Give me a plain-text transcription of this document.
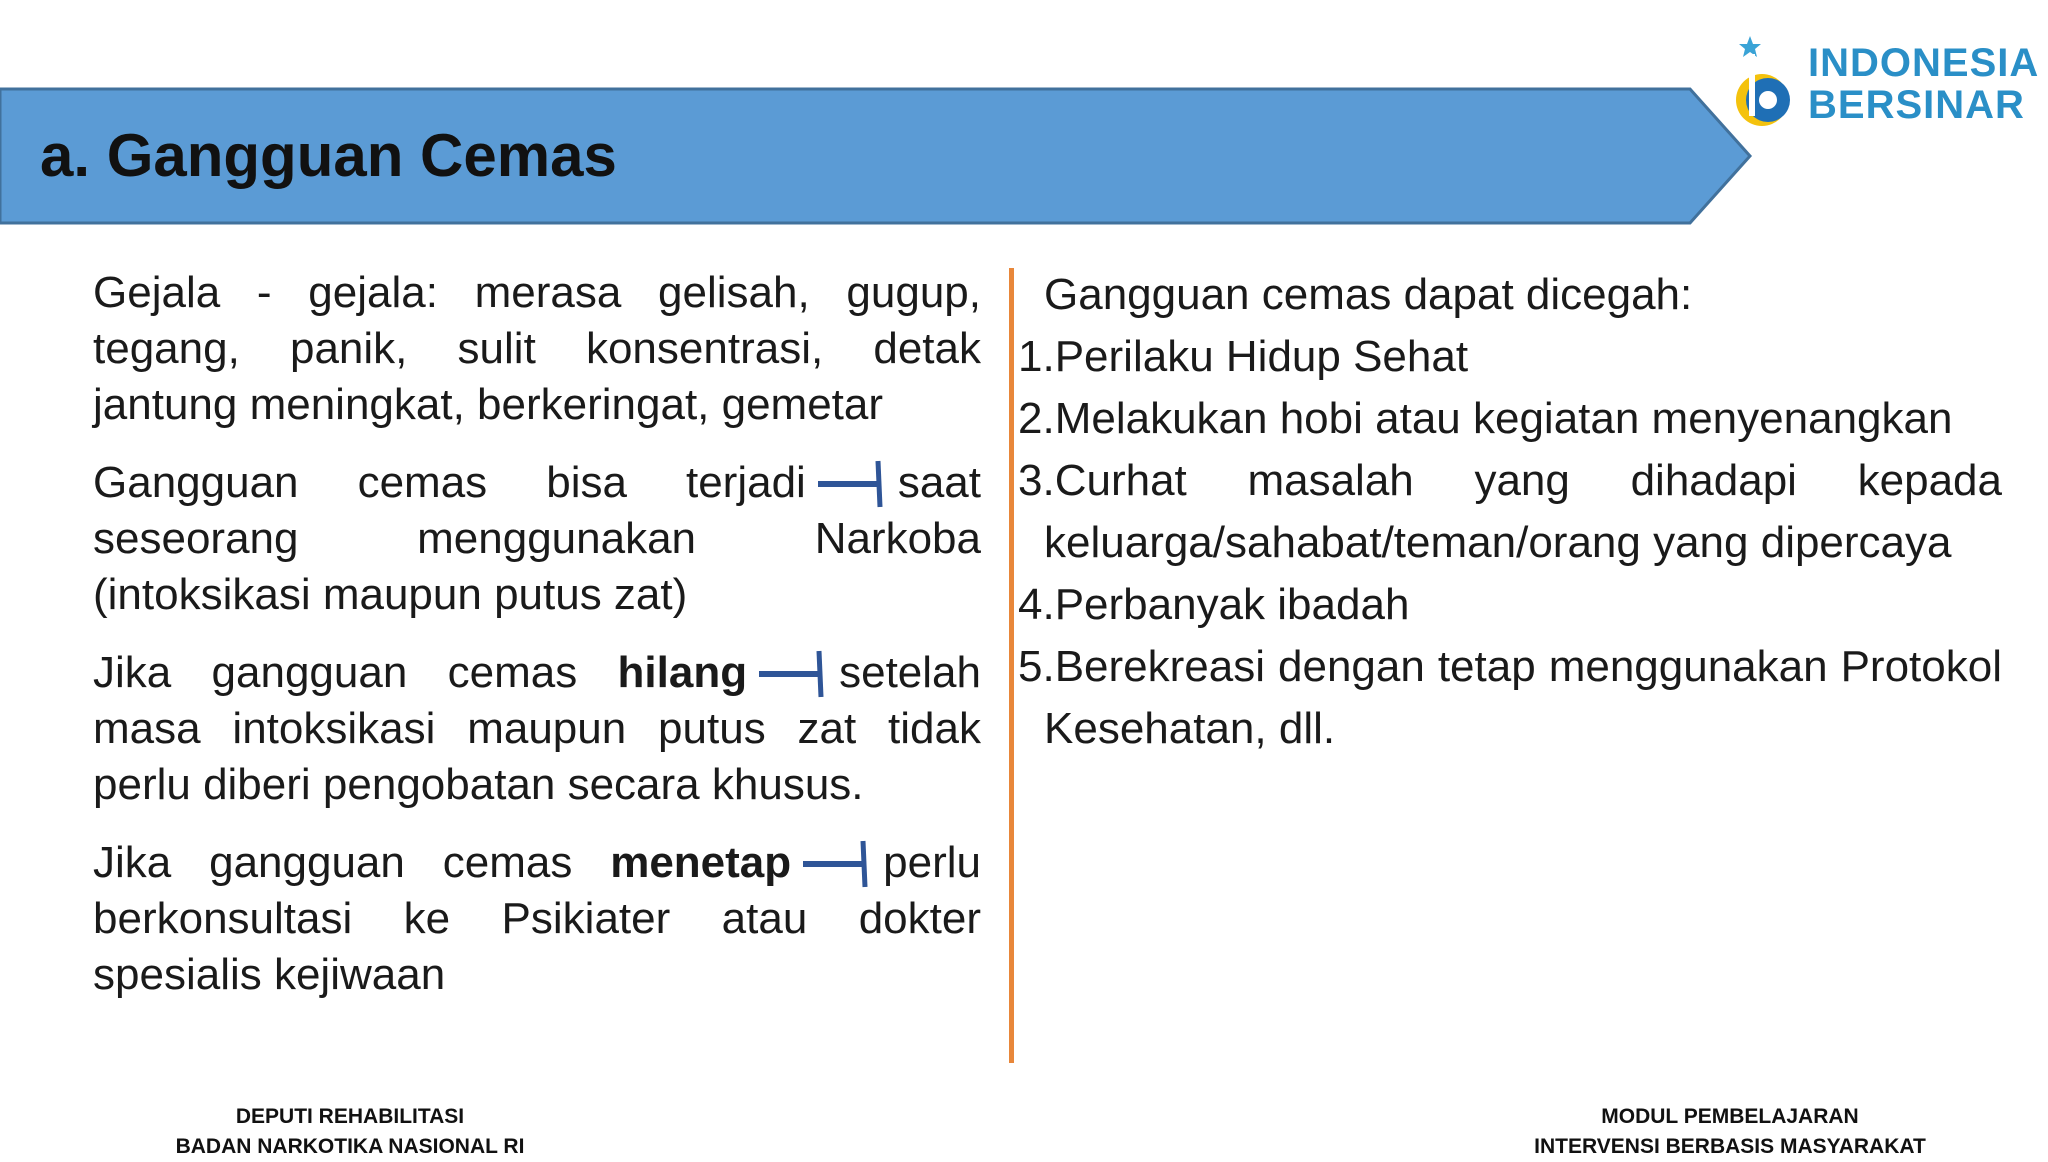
a. Gangguan Cemas
INDONESIA
BERSINAR

Gejala - gejala: merasa gelisah, gugup, tegang, panik, sulit konsentrasi, detak jantung meningkat, berkeringat, gemetar

Gangguan cemas bisa terjadi saat seseorang menggunakan Narkoba (intoksikasi maupun putus zat)

Jika gangguan cemas hilang setelah masa intoksikasi maupun putus zat tidak perlu diberi pengobatan secara khusus.

Jika gangguan cemas menetap perlu berkonsultasi ke Psikiater atau dokter spesialis kejiwaan

Gangguan cemas dapat dicegah:
1.Perilaku Hidup Sehat
2.Melakukan hobi atau kegiatan menyenangkan
3.Curhat masalah yang dihadapi kepada keluarga/sahabat/teman/orang yang dipercaya
4.Perbanyak ibadah
5.Berekreasi dengan tetap menggunakan Protokol Kesehatan, dll.
DEPUTI REHABILITASI
BADAN NARKOTIKA NASIONAL RI
MODUL PEMBELAJARAN
INTERVENSI BERBASIS MASYARAKAT
